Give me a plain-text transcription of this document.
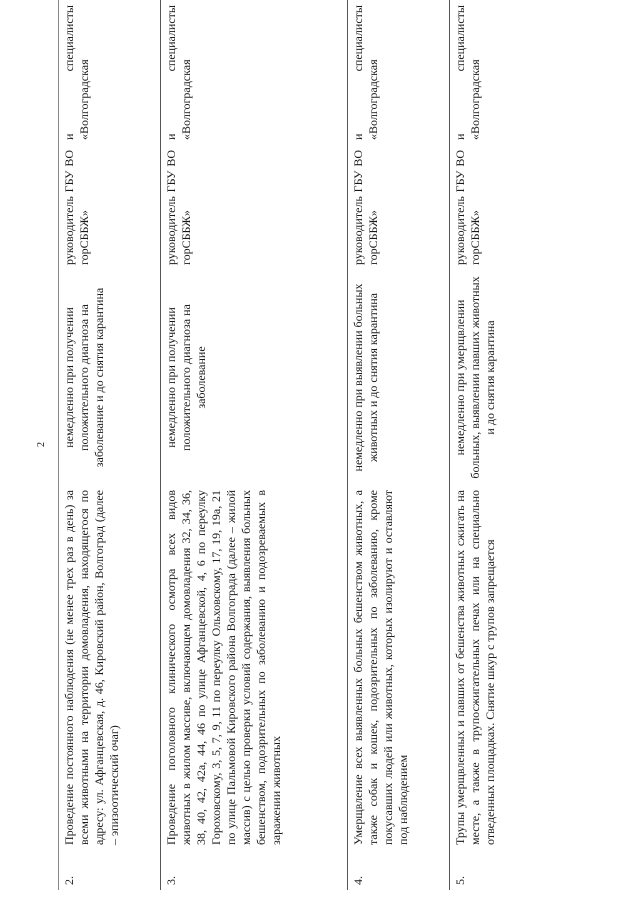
2
2.	Проведение постоянного наблюдения (не менее трех раз в день) за всеми животными на территории домовладения, находящегося по адресу: ул. Афганцевская, д. 46, Кировский район, Волгоград (далее – эпизоотический очаг)	немедленно при получении положительного диагноза на заболевание и до снятия карантина	руководитель ГБУ ВО горСББЖ»	и специалисты «Волгоградская
3.	Проведение поголовного клинического осмотра всех видов животных в жилом массиве, включающем домовладения 32, 34, 36, 38, 40, 42, 42а, 44, 46 по улице Афганцевской, 4, 6 по переулку Гороховскому, 3, 5, 7, 9, 11 по переулку Ольховскому, 17, 19, 19а, 21 по улице Пальмовой Кировского района Волгограда (далее – жилой массив) с целью проверки условий содержания, выявления больных бешенством, подозрительных по заболеванию и подозреваемых в заражении животных	немедленно при получении положительного диагноза на заболевание	руководитель ГБУ ВО горСББЖ»	и специалисты «Волгоградская
4.	Умерщвление всех выявленных больных бешенством животных, а также собак и кошек, подозрительных по заболеванию, кроме покусавших людей или животных, которых изолируют и оставляют под наблюдением	немедленно при выявлении больных животных и до снятия карантина	руководитель ГБУ ВО горСББЖ»	и специалисты «Волгоградская
5.	Трупы умерщвленных и павших от бешенства животных сжигать на месте, а также в трупосжигательных печах или на специально отведенных площадках. Снятие шкур с трупов запрещается	немедленно при умерщвлении больных, выявлении павших животных и до снятия карантина	руководитель ГБУ ВО горСББЖ»	и специалисты «Волгоградская
